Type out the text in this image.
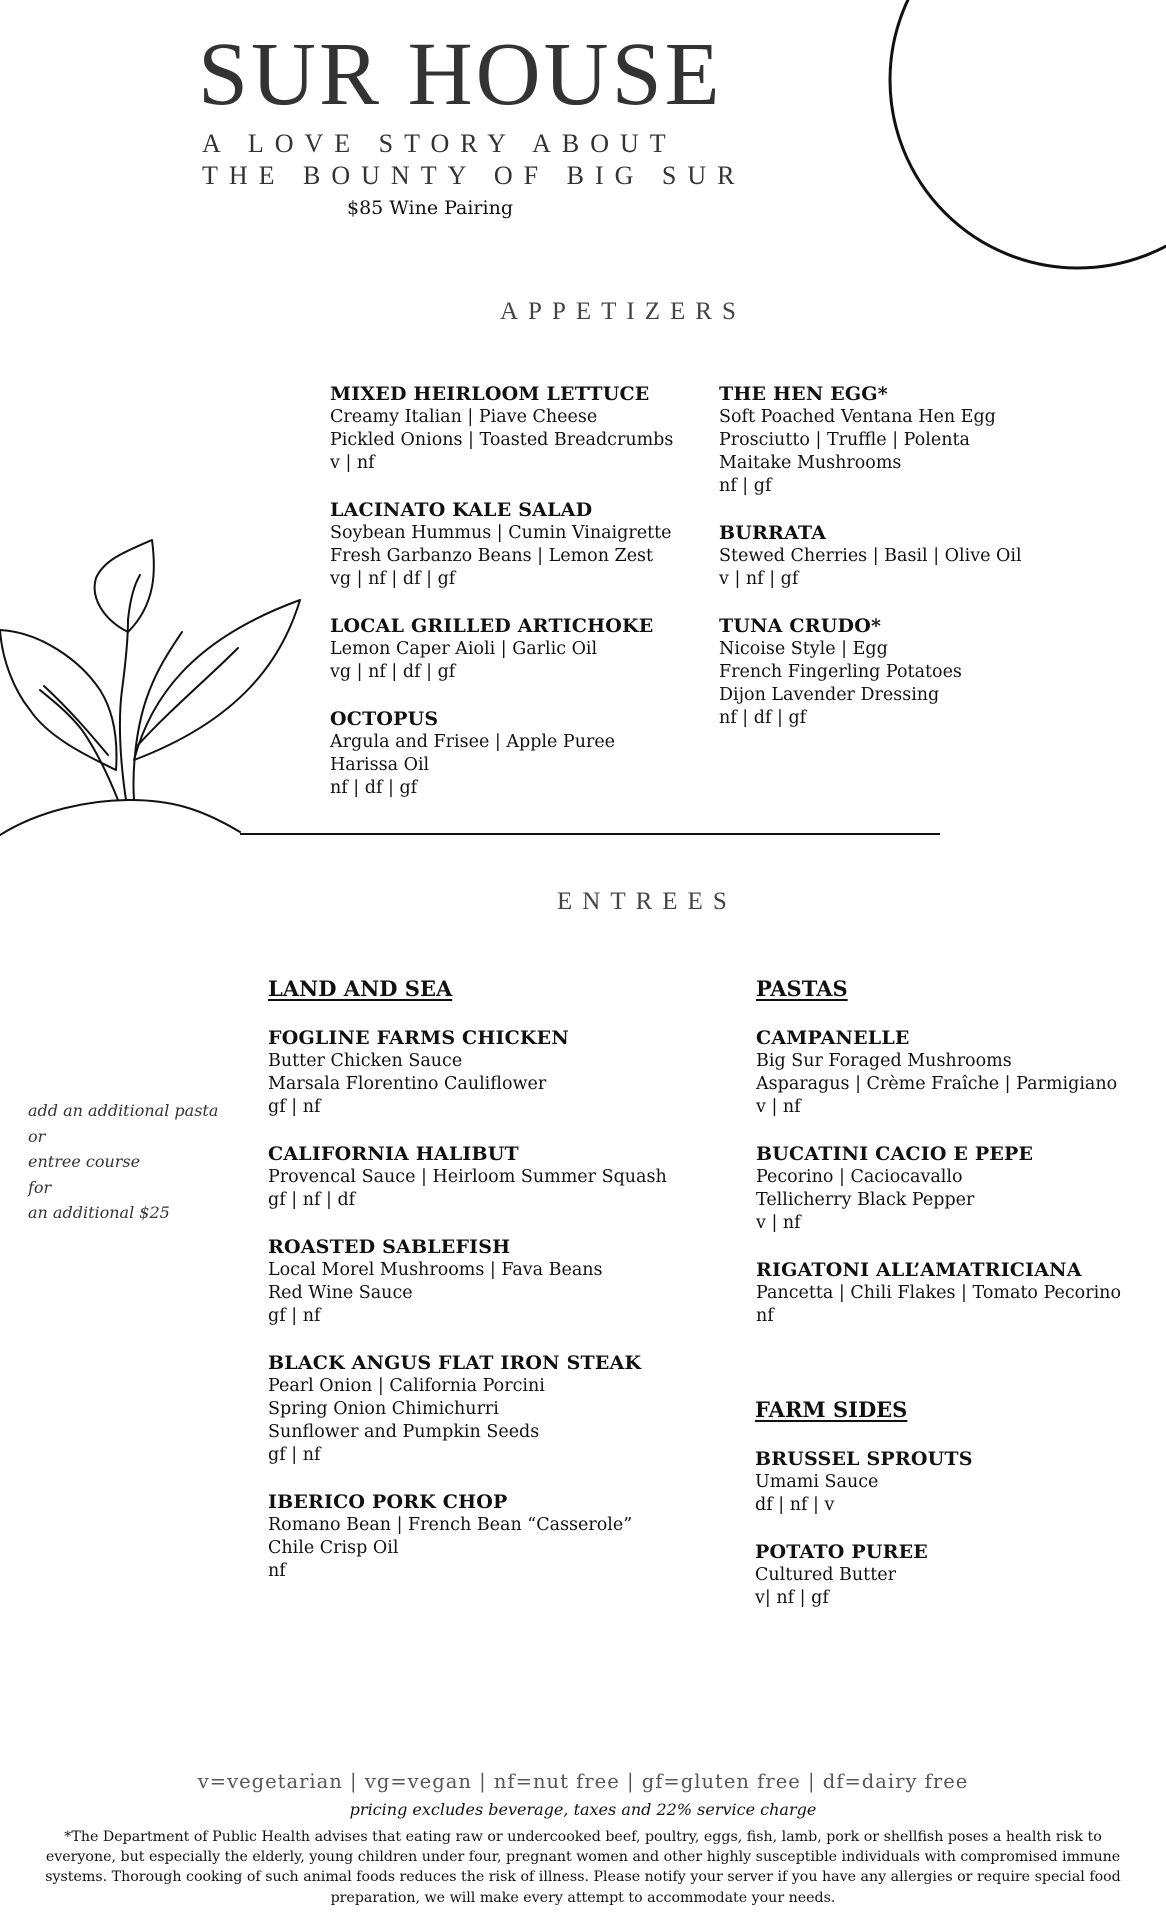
SUR HOUSE
A LOVE STORY ABOUT
THE BOUNTY OF BIG SUR
$85 Wine Pairing
APPETIZERS
MIXED HEIRLOOM LETTUCE
Creamy Italian | Piave Cheese
Pickled Onions | Toasted Breadcrumbs
v | nf
LACINATO KALE SALAD
Soybean Hummus | Cumin Vinaigrette
Fresh Garbanzo Beans | Lemon Zest
vg | nf | df | gf
LOCAL GRILLED ARTICHOKE
Lemon Caper Aioli | Garlic Oil
vg | nf | df | gf
OCTOPUS
Argula and Frisee | Apple Puree
Harissa Oil
nf | df | gf
THE HEN EGG*
Soft Poached Ventana Hen Egg
Prosciutto | Truffle | Polenta
Maitake Mushrooms
nf | gf
BURRATA
Stewed Cherries | Basil | Olive Oil
v | nf | gf
TUNA CRUDO*
Nicoise Style | Egg
French Fingerling Potatoes
Dijon Lavender Dressing
nf | df | gf
ENTREES
add an additional pasta
or
entree course
for
an additional $25
LAND AND SEA
FOGLINE FARMS CHICKEN
Butter Chicken Sauce
Marsala Florentino Cauliflower
gf | nf
CALIFORNIA HALIBUT
Provencal Sauce | Heirloom Summer Squash
gf | nf | df
ROASTED SABLEFISH
Local Morel Mushrooms | Fava Beans
Red Wine Sauce
gf | nf
BLACK ANGUS FLAT IRON STEAK
Pearl Onion | California Porcini
Spring Onion Chimichurri
Sunflower and Pumpkin Seeds
gf | nf
IBERICO PORK CHOP
Romano Bean | French Bean “Casserole”
Chile Crisp Oil
nf
PASTAS
CAMPANELLE
Big Sur Foraged Mushrooms
Asparagus | Crème Fraîche | Parmigiano
v | nf
BUCATINI CACIO E PEPE
Pecorino | Caciocavallo
Tellicherry Black Pepper
v | nf
RIGATONI ALL’AMATRICIANA
Pancetta | Chili Flakes | Tomato Pecorino
nf
FARM SIDES
BRUSSEL SPROUTS
Umami Sauce
df | nf | v
POTATO PUREE
Cultured Butter
v| nf | gf
v=vegetarian | vg=vegan | nf=nut free | gf=gluten free | df=dairy free
pricing excludes beverage, taxes and 22% service charge
*The Department of Public Health advises that eating raw or undercooked beef, poultry, eggs, fish, lamb, pork or shellfish poses a health risk to everyone, but especially the elderly, young children under four, pregnant women and other highly susceptible individuals with compromised immune systems. Thorough cooking of such animal foods reduces the risk of illness. Please notify your server if you have any allergies or require special food preparation, we will make every attempt to accommodate your needs.
